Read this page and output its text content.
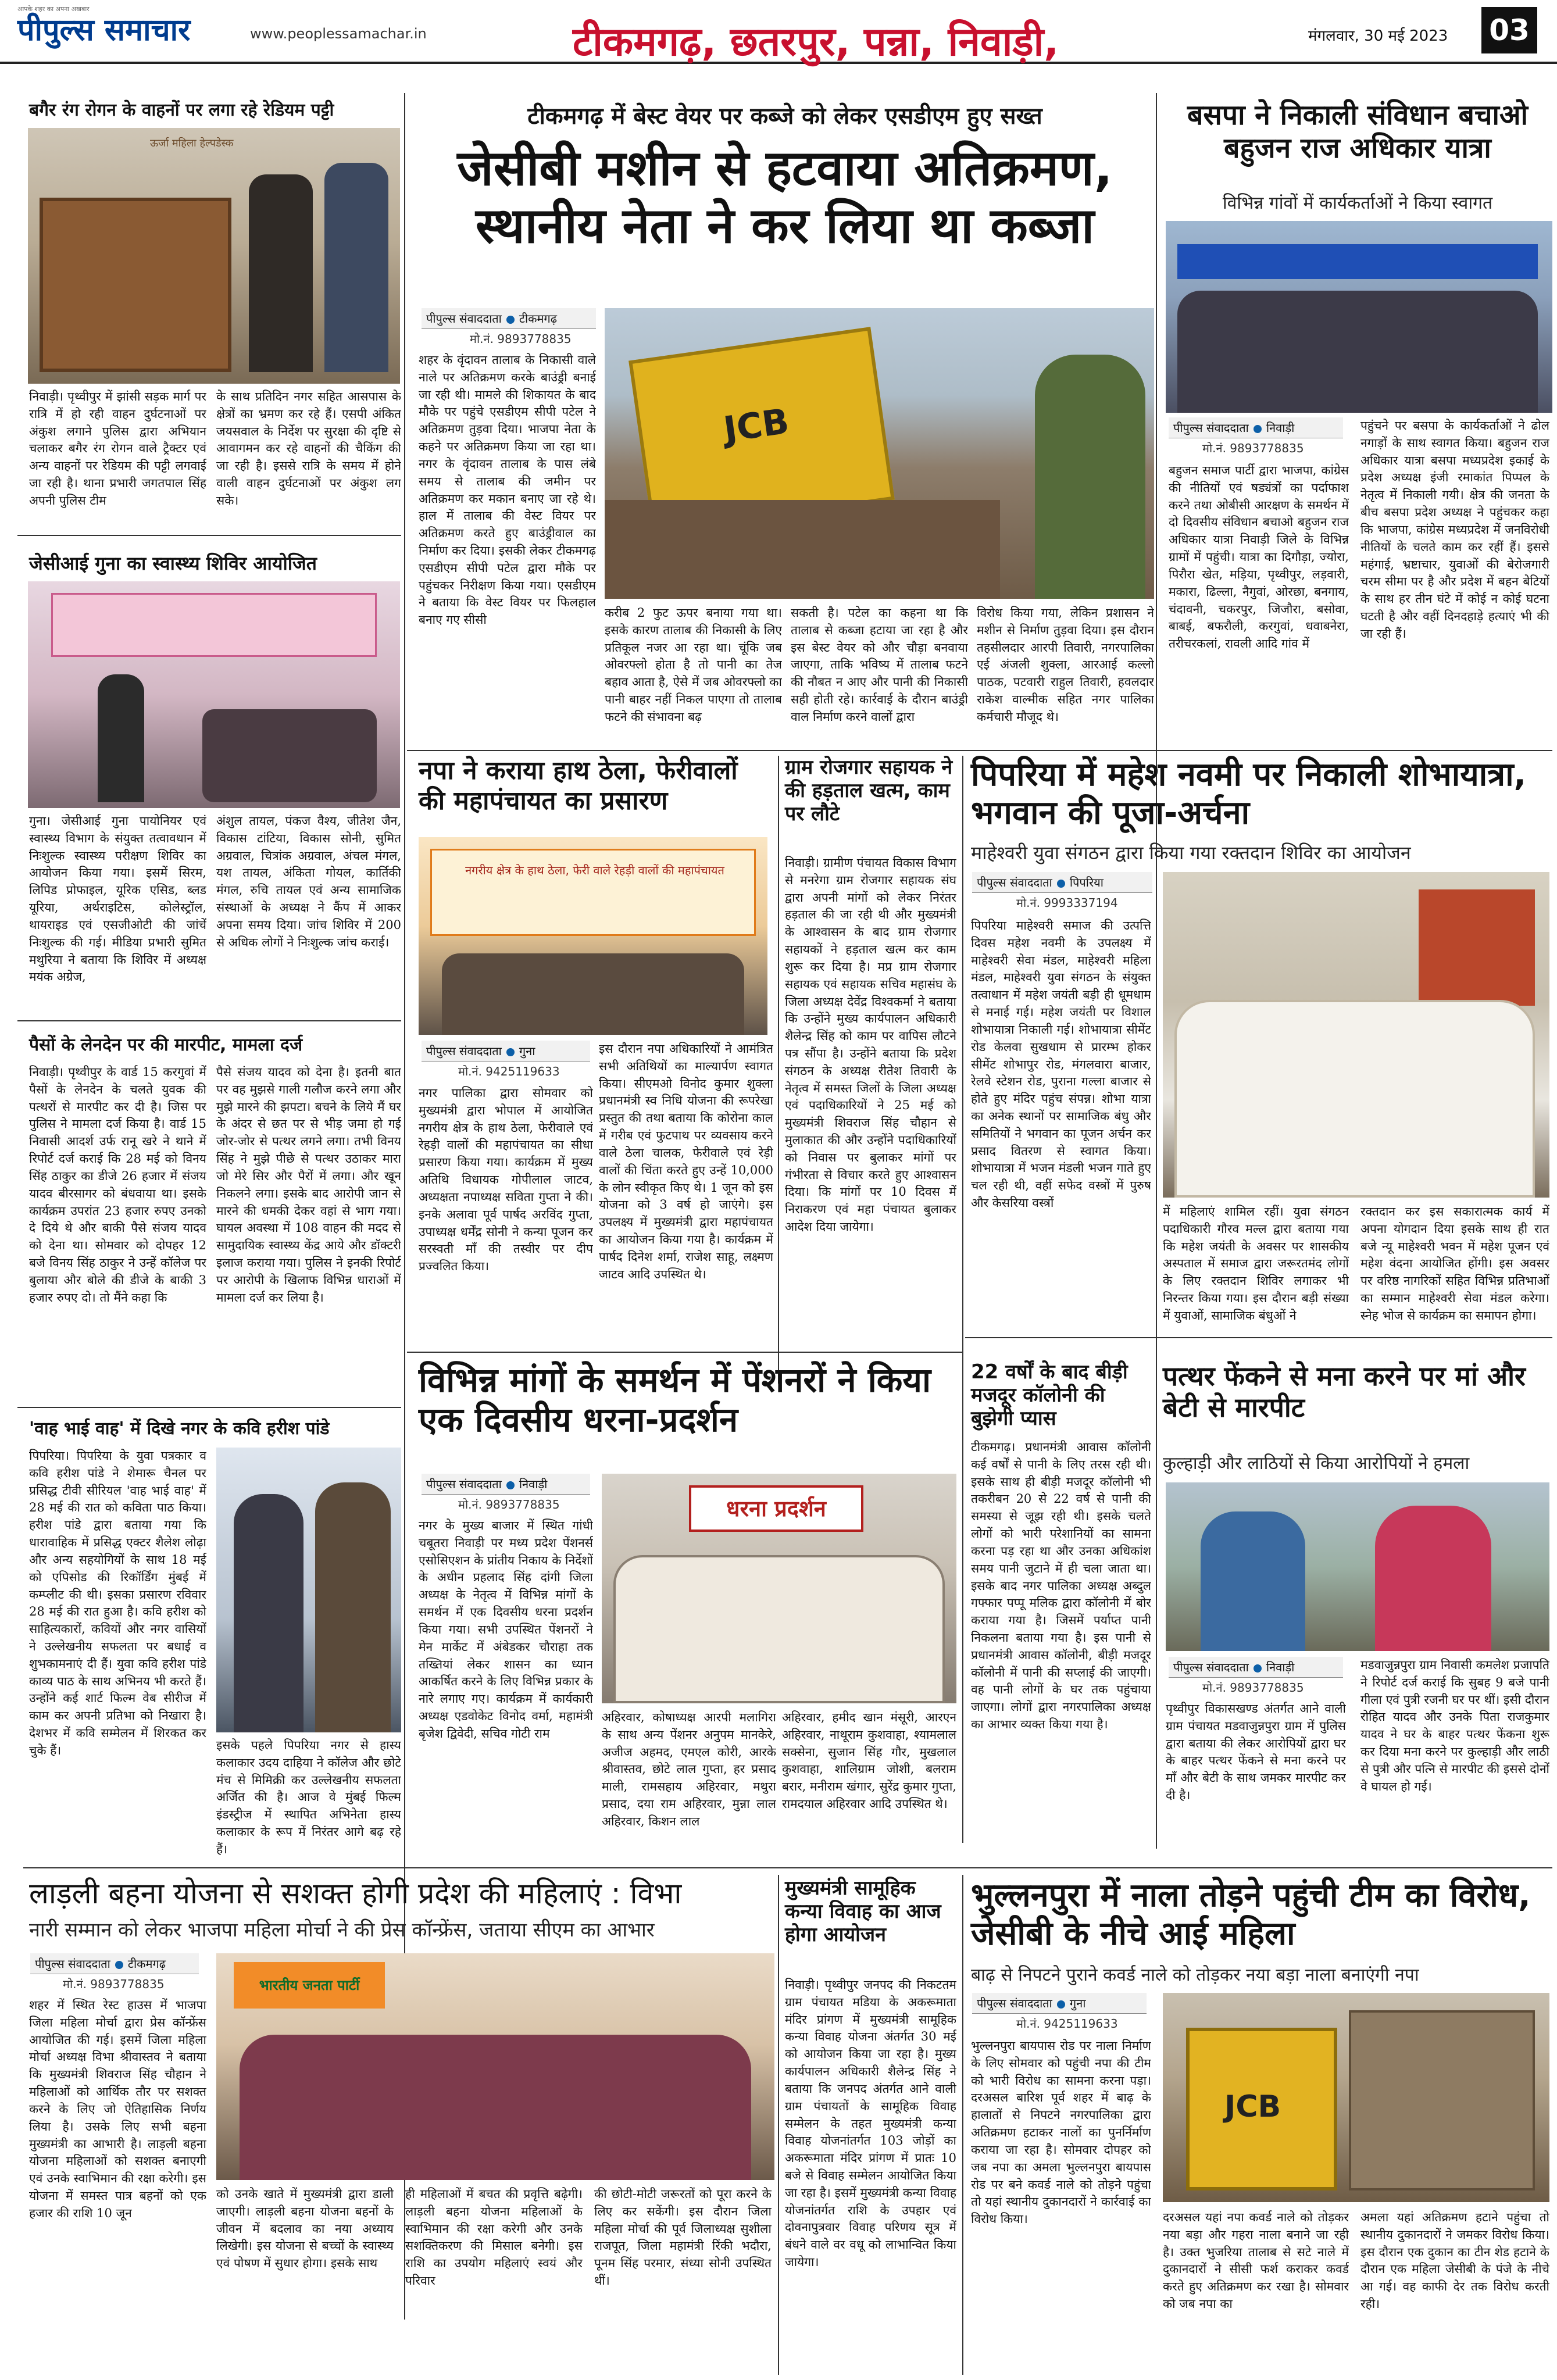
आपके शहर का अपना अखबार
पीपुल्स समाचार	www.peoplessamachar.in	टीकमगढ़, छतरपुर, पन्ना, निवाड़ी,	मंगलवार, 30 मई 2023 03
बगैर रंग रोगन के वाहनों पर लगा रहे रेडियम पट्टी
ऊर्जा महिला हेल्पडेस्क
निवाड़ी। पृथ्वीपुर में झांसी सड़क मार्ग पर रात्रि में हो रही वाहन दुर्घटनाओं पर अंकुश लगाने पुलिस द्वारा अभियान चलाकर बगैर रंग रोगन वाले ट्रैक्टर एवं अन्य वाहनों पर रेडियम की पट्टी लगवाई जा रही है। थाना प्रभारी जगतपाल सिंह अपनी पुलिस टीम
के साथ प्रतिदिन नगर सहित आसपास के क्षेत्रों का भ्रमण कर रहे हैं। एसपी अंकित जयसवाल के निर्देश पर सुरक्षा की दृष्टि से आवागमन कर रहे वाहनों की चैकिंग की जा रही है। इससे रात्रि के समय में होने वाली वाहन दुर्घटनाओं पर अंकुश लग सके।
जेसीआई गुना का स्वास्थ्य शिविर आयोजित
गुना। जेसीआई गुना पायोनियर एवं स्वास्थ्य विभाग के संयुक्त तत्वावधान में निःशुल्क स्वास्थ्य परीक्षण शिविर का आयोजन किया गया। इसमें सिरम, लिपिड प्रोफाइल, यूरिक एसिड, ब्लड यूरिया, अर्थराइटिस, कोलेस्ट्रॉल, थायराइड एवं एसजीओटी की जांचें निःशुल्क की गई। मीडिया प्रभारी सुमित मथुरिया ने बताया कि शिविर में अध्यक्ष मयंक अग्रेज,
अंशुल तायल, पंकज वैश्य, जीतेश जैन, विकास टांटिया, विकास सोनी, सुमित अग्रवाल, चित्रांक अग्रवाल, अंचल मंगल, यश तायल, अंकिता गोयल, कार्तिकी मंगल, रुचि तायल एवं अन्य सामाजिक संस्थाओं के अध्यक्ष ने कैंप में आकर अपना समय दिया। जांच शिविर में 200 से अधिक लोगों ने निःशुल्क जांच कराई।
पैसों के लेनदेन पर की मारपीट, मामला दर्ज
निवाड़ी। पृथ्वीपुर के वार्ड 15 करगुवां में पैसों के लेनदेन के चलते युवक की पत्थरों से मारपीट कर दी है। जिस पर पुलिस ने मामला दर्ज किया है। वार्ड 15 निवासी आदर्श उर्फ रानू खरे ने थाने में रिपोर्ट दर्ज कराई कि 28 मई को विनय सिंह ठाकुर का डीजे 26 हजार में संजय यादव बीरसागर को बंधवाया था। इसके कार्यक्रम उपरांत 23 हजार रुपए उनको दे दिये थे और बाकी पैसे संजय यादव को देना था। सोमवार को दोपहर 12 बजे विनय सिंह ठाकुर ने उन्हें कॉलेज पर बुलाया और बोले की डीजे के बाकी 3 हजार रुपए दो। तो मैंने कहा कि
पैसे संजय यादव को देना है। इतनी बात पर वह मुझसे गाली गलौज करने लगा और मुझे मारने की झपटा। बचने के लिये मैं घर के अंदर से छत पर से भीड़ जमा हो गई जोर-जोर से पत्थर लगने लगा। तभी विनय सिंह ने मुझे पीछे से पत्थर उठाकर मारा जो मेरे सिर और पैरों में लगा। और खून निकलने लगा। इसके बाद आरोपी जान से मारने की धमकी देकर वहां से भाग गया। घायल अवस्था में 108 वाहन की मदद से सामुदायिक स्वास्थ्य केंद्र आये और डॉक्टरी इलाज कराया गया। पुलिस ने इनकी रिपोर्ट पर आरोपी के खिलाफ विभिन्न धाराओं में मामला दर्ज कर लिया है।
'वाह भाई वाह' में दिखे नगर के कवि हरीश पांडे
पिपरिया। पिपरिया के युवा पत्रकार व कवि हरीश पांडे ने शेमारू चैनल पर प्रसिद्ध टीवी सीरियल 'वाह भाई वाह' में 28 मई की रात को कविता पाठ किया। हरीश पांडे द्वारा बताया गया कि धारावाहिक में प्रसिद्ध एक्टर शैलेश लोढ़ा और अन्य सहयोगियों के साथ 18 मई को एपिसोड की रिकॉर्डिंग मुंबई में कम्प्लीट की थी। इसका प्रसारण रविवार 28 मई की रात हुआ है। कवि हरीश को साहित्यकारों, कवियों और नगर वासियों ने उल्लेखनीय सफलता पर बधाई व शुभकामनाएं दी हैं। युवा कवि हरीश पांडे काव्य पाठ के साथ अभिनय भी करते हैं। उन्होंने कई शार्ट फिल्म वेब सीरीज में काम कर अपनी प्रतिभा को निखारा है। देशभर में कवि सम्मेलन में शिरकत कर चुके हैं।	इसके पहले पिपरिया नगर से हास्य कलाकार उदय दाहिया ने कॉलेज और छोटे मंच से मिमिक्री कर उल्लेखनीय सफलता अर्जित की है। आज वे मुंबई फिल्म इंडस्ट्रीज में स्थापित अभिनेता हास्य कलाकार के रूप में निरंतर आगे बढ़ रहे हैं।
टीकमगढ़ में बेस्ट वेयर पर कब्जे को लेकर एसडीएम हुए सख्त
जेसीबी मशीन से हटवाया अतिक्रमण, स्थानीय नेता ने कर लिया था कब्जा
पीपुल्स संवाददाता टीकमगढ़
मो.नं. 9893778835
शहर के वृंदावन तालाब के निकासी वाले नाले पर अतिक्रमण करके बाउंड्री बनाई जा रही थी। मामले की शिकायत के बाद मौके पर पहुंचे एसडीएम सीपी पटेल ने अतिक्रमण तुड़वा दिया। भाजपा नेता के कहने पर अतिक्रमण किया जा रहा था। नगर के वृंदावन तालाब के पास लंबे समय से तालाब की जमीन पर अतिक्रमण कर मकान बनाए जा रहे थे। हाल में तालाब की वेस्ट वियर पर अतिक्रमण करते हुए बाउंड्रीवाल का निर्माण कर दिया। इसकी लेकर टीकमगढ़ एसडीएम सीपी पटेल द्वारा मौके पर पहुंचकर निरीक्षण किया गया। एसडीएम ने बताया कि वेस्ट वियर पर फिलहाल बनाए गए सीसी
JCB
करीब 2 फुट ऊपर बनाया गया था। इसके कारण तालाब की निकासी के लिए प्रतिकूल नजर आ रहा था। चूंकि जब ओवरफ्लो होता है तो पानी का तेज बहाव आता है, ऐसे में जब ओवरफ्लो का पानी बाहर नहीं निकल पाएगा तो तालाब फटने की संभावना बढ़
सकती है। पटेल का कहना था कि तालाब से कब्जा हटाया जा रहा है और इस बेस्ट वेयर को और चौड़ा बनवाया जाएगा, ताकि भविष्य में तालाब फटने की नौबत न आए और पानी की निकासी सही होती रहे। कार्रवाई के दौरान बाउंड्री वाल निर्माण करने वालों द्वारा
विरोध किया गया, लेकिन प्रशासन ने मशीन से निर्माण तुड़वा दिया। इस दौरान तहसीलदार आरपी तिवारी, नगरपालिका एई अंजली शुक्ला, आरआई कल्लो पाठक, पटवारी राहुल तिवारी, हवलदार राकेश वाल्मीक सहित नगर पालिका कर्मचारी मौजूद थे।
बसपा ने निकाली संविधान बचाओ बहुजन राज अधिकार यात्रा
विभिन्न गांवों में कार्यकर्ताओं ने किया स्वागत
पीपुल्स संवाददाता निवाड़ी
मो.नं. 9893778835
बहुजन समाज पार्टी द्वारा भाजपा, कांग्रेस की नीतियों एवं षड्यंत्रों का पर्दाफाश करने तथा ओबीसी आरक्षण के समर्थन में दो दिवसीय संविधान बचाओ बहुजन राज अधिकार यात्रा निवाड़ी जिले के विभिन्न ग्रामों में पहुंची। यात्रा का दिगौड़ा, ज्योरा, पिरौरा खेत, मड़िया, पृथ्वीपुर, लड़वारी, मकारा, ढिल्ला, नैगुवां, ओरछा, बनगाय, चंदावनी, चकरपुर, जिजौरा, बसोवा, बाबई, बफरौली, करगुवां, धवाबनेरा, तरीचरकलां, रावली आदि गांव में
पहुंचने पर बसपा के कार्यकर्ताओं ने ढोल नगाड़ों के साथ स्वागत किया। बहुजन राज अधिकार यात्रा बसपा मध्यप्रदेश इकाई के प्रदेश अध्यक्ष इंजी रमाकांत पिप्पल के नेतृत्व में निकाली गयी। क्षेत्र की जनता के बीच बसपा प्रदेश अध्यक्ष ने पहुंचकर कहा कि भाजपा, कांग्रेस मध्यप्रदेश में जनविरोधी नीतियों के चलते काम कर रहीं हैं। इससे महंगाई, भ्रष्टाचार, युवाओं की बेरोजगारी चरम सीमा पर है और प्रदेश में बहन बेटियों के साथ हर तीन घंटे में कोई न कोई घटना घटती है और वहीं दिनदहाड़े हत्याएं भी की जा रही हैं।
नपा ने कराया हाथ ठेला, फेरीवालों की महापंचायत का प्रसारण
नगरीय क्षेत्र के हाथ ठेला, फेरी वाले रेहड़ी वालों की महापंचायत
पीपुल्स संवाददाता गुना
मो.नं. 9425119633
नगर पालिका द्वारा सोमवार को मुख्यमंत्री द्वारा भोपाल में आयोजित नगरीय क्षेत्र के हाथ ठेला, फेरीवाले एवं रेहड़ी वालों की महापंचायत का सीधा प्रसारण किया गया। कार्यक्रम में मुख्य अतिथि विधायक गोपीलाल जाटव, अध्यक्षता नपाध्यक्ष सविता गुप्ता ने की। इनके अलावा पूर्व पार्षद अरविंद गुप्ता, उपाध्यक्ष धर्मेंद्र सोनी ने कन्या पूजन कर सरस्वती माँ की तस्वीर पर दीप प्रज्वलित किया।
इस दौरान नपा अधिकारियों ने आमंत्रित सभी अतिथियों का माल्यार्पण स्वागत किया। सीएमओ विनोद कुमार शुक्ला प्रधानमंत्री स्व निधि योजना की रूपरेखा प्रस्तुत की तथा बताया कि कोरोना काल में गरीब एवं फुटपाथ पर व्यवसाय करने वाले ठेला चालक, फेरीवाले एवं रेड़ी वालों की चिंता करते हुए उन्हें 10,000 के लोन स्वीकृत किए थे। 1 जून को इस योजना को 3 वर्ष हो जाएंगे। इस उपलक्ष्य में मुख्यमंत्री द्वारा महापंचायत का आयोजन किया गया है। कार्यक्रम में पार्षद दिनेश शर्मा, राजेश साहू, लक्ष्मण जाटव आदि उपस्थित थे।
ग्राम रोजगार सहायक ने की हड़ताल खत्म, काम पर लौटे
निवाड़ी। ग्रामीण पंचायत विकास विभाग से मनरेगा ग्राम रोजगार सहायक संघ द्वारा अपनी मांगों को लेकर निरंतर हड़ताल की जा रही थी और मुख्यमंत्री के आश्वासन के बाद ग्राम रोजगार सहायकों ने हड़ताल खत्म कर काम शुरू कर दिया है। मप्र ग्राम रोजगार सहायक एवं सहायक सचिव महासंघ के जिला अध्यक्ष देवेंद्र विश्वकर्मा ने बताया कि उन्होंने मुख्य कार्यपालन अधिकारी शैलेन्द्र सिंह को काम पर वापिस लौटने पत्र सौंपा है। उन्होंने बताया कि प्रदेश संगठन के अध्यक्ष रीतेश तिवारी के नेतृत्व में समस्त जिलों के जिला अध्यक्ष एवं पदाधिकारियों ने 25 मई को मुख्यमंत्री शिवराज सिंह चौहान से मुलाकात की और उन्होंने पदाधिकारियों को निवास पर बुलाकर मांगों पर गंभीरता से विचार करते हुए आश्वासन दिया। कि मांगों पर 10 दिवस में निराकरण एवं महा पंचायत बुलाकर आदेश दिया जायेगा।
पिपरिया में महेश नवमी पर निकाली शोभायात्रा, भगवान की पूजा-अर्चना
माहेश्वरी युवा संगठन द्वारा किया गया रक्तदान शिविर का आयोजन
पीपुल्स संवाददाता पिपरिया
मो.नं. 9993337194
पिपरिया माहेश्वरी समाज की उत्पत्ति दिवस महेश नवमी के उपलक्ष्य में माहेश्वरी सेवा मंडल, माहेश्वरी महिला मंडल, माहेश्वरी युवा संगठन के संयुक्त तत्वाधान में महेश जयंती बड़ी ही धूमधाम से मनाई गई। महेश जयंती पर विशाल शोभायात्रा निकाली गई। शोभायात्रा सीमेंट रोड केलवा सुखधाम से प्रारम्भ होकर सीमेंट शोभापुर रोड, मंगलवारा बाजार, रेलवे स्टेशन रोड, पुराना गल्ला बाजार से होते हुए मंदिर पहुंच संपन्न। शोभा यात्रा का अनेक स्थानों पर सामाजिक बंधु और समितियों ने भगवान का पूजन अर्चन कर प्रसाद वितरण से स्वागत किया। शोभायात्रा में भजन मंडली भजन गाते हुए चल रही थी, वहीं सफेद वस्त्रों में पुरुष और केसरिया वस्त्रों
में महिलाएं शामिल रहीं। युवा संगठन पदाधिकारी गौरव मल्ल द्वारा बताया गया कि महेश जयंती के अवसर पर शासकीय अस्पताल में समाज द्वारा जरूरतमंद लोगों के लिए रक्तदान शिविर लगाकर भी निरन्तर किया गया। इस दौरान बड़ी संख्या में युवाओं, सामाजिक बंधुओं ने
रक्तदान कर इस सकारात्मक कार्य में अपना योगदान दिया इसके साथ ही रात बजे न्यू माहेश्वरी भवन में महेश पूजन एवं महेश वंदना आयोजित होंगी। इस अवसर पर वरिष्ठ नागरिकों सहित विभिन्न प्रतिभाओं का सम्मान माहेश्वरी सेवा मंडल करेगा। स्नेह भोज से कार्यक्रम का समापन होगा।
विभिन्न मांगों के समर्थन में पेंशनरों ने किया एक दिवसीय धरना-प्रदर्शन
पीपुल्स संवाददाता निवाड़ी
मो.नं. 9893778835
नगर के मुख्य बाजार में स्थित गांधी चबूतरा निवाड़ी पर मध्य प्रदेश पेंशनर्स एसोसिएशन के प्रांतीय निकाय के निर्देशों के अधीन प्रहलाद सिंह दांगी जिला अध्यक्ष के नेतृत्व में विभिन्न मांगों के समर्थन में एक दिवसीय धरना प्रदर्शन किया गया। सभी उपस्थित पेंशनरों ने मेन मार्केट में अंबेडकर चौराहा तक तख्तियां लेकर शासन का ध्यान आकर्षित करने के लिए विभिन्न प्रकार के नारे लगाए गए। कार्यक्रम में कार्यकारी अध्यक्ष एडवोकेट विनोद वर्मा, महामंत्री बृजेश द्विवेदी, सचिव गोटी राम
धरना प्रदर्शन
अहिरवार, कोषाध्यक्ष आरपी मलागिरा के साथ अन्य पेंशनर अनुपम मानकेरे, अजीज अहमद, एमएल कोरी, आरके श्रीवास्तव, छोटे लाल गुप्ता, हर प्रसाद माली, रामसहाय अहिरवार, मथुरा प्रसाद, दया राम अहिरवार, मुन्ना लाल अहिरवार, किशन लाल
अहिरवार, हमीद खान मंसूरी, आरएन अहिरवार, नाथूराम कुशवाहा, श्यामलाल सक्सेना, सुजान सिंह गौर, मुखलाल कुशवाहा, शालिग्राम जोशी, बलराम बरार, मनीराम खंगार, सुरेंद्र कुमार गुप्ता, रामदयाल अहिरवार आदि उपस्थित थे।
22 वर्षों के बाद बीड़ी मजदूर कॉलोनी की बुझेगी प्यास
टीकमगढ़। प्रधानमंत्री आवास कॉलोनी कई वर्षों से पानी के लिए तरस रही थी। इसके साथ ही बीड़ी मजदूर कॉलोनी भी तकरीबन 20 से 22 वर्ष से पानी की समस्या से जूझ रही थी। इसके चलते लोगों को भारी परेशानियों का सामना करना पड़ रहा था और उनका अधिकांश समय पानी जुटाने में ही चला जाता था। इसके बाद नगर पालिका अध्यक्ष अब्दुल गफ्फार पप्पू मलिक द्वारा कॉलोनी में बोर कराया गया है। जिसमें पर्याप्त पानी निकलना बताया गया है। इस पानी से प्रधानमंत्री आवास कॉलोनी, बीड़ी मजदूर कॉलोनी में पानी की सप्लाई की जाएगी। वह पानी लोगों के घर तक पहुंचाया जाएगा। लोगों द्वारा नगरपालिका अध्यक्ष का आभार व्यक्त किया गया है।
पत्थर फेंकने से मना करने पर मां और बेटी से मारपीट
कुल्हाड़ी और लाठियों से किया आरोपियों ने हमला
पीपुल्स संवाददाता निवाड़ी
मो.नं. 9893778835
पृथ्वीपुर विकासखण्ड अंतर्गत आने वाली ग्राम पंचायत मडवाजुन्नपुरा ग्राम में पुलिस द्वारा बताया की लेकर आरोपियों द्वारा घर के बाहर पत्थर फेंकने से मना करने पर माँ और बेटी के साथ जमकर मारपीट कर दी है।
मडवाजुन्नपुरा ग्राम निवासी कमलेश प्रजापति ने रिपोर्ट दर्ज कराई कि सुबह 9 बजे पानी गीला एवं पुत्री रजनी घर पर थीं। इसी दौरान रोहित यादव और उनके पिता राजकुमार यादव ने घर के बाहर पत्थर फेंकना शुरू कर दिया मना करने पर कुल्हाड़ी और लाठी से पुत्री और पत्नि से मारपीट की इससे दोनों वे घायल हो गई।
लाड़ली बहना योजना से सशक्त होगी प्रदेश की महिलाएं : विभा
नारी सम्मान को लेकर भाजपा महिला मोर्चा ने की प्रेस कॉन्फ्रेंस, जताया सीएम का आभार
पीपुल्स संवाददाता टीकमगढ़
मो.नं. 9893778835
शहर में स्थित रेस्ट हाउस में भाजपा जिला महिला मोर्चा द्वारा प्रेस कॉन्फ्रेंस आयोजित की गई। इसमें जिला महिला मोर्चा अध्यक्ष विभा श्रीवास्तव ने बताया कि मुख्यमंत्री शिवराज सिंह चौहान ने महिलाओं को आर्थिक तौर पर सशक्त करने के लिए जो ऐतिहासिक निर्णय लिया है। उसके लिए सभी बहना मुख्यमंत्री का आभारी है। लाड़ली बहना योजना महिलाओं को सशक्त बनाएगी एवं उनके स्वाभिमान की रक्षा करेगी। इस योजना में समस्त पात्र बहनों को एक हजार की राशि 10 जून
भारतीय जनता पार्टी
को उनके खाते में मुख्यमंत्री द्वारा डाली जाएगी। लाड़ली बहना योजना बहनों के जीवन में बदलाव का नया अध्याय लिखेगी। इस योजना से बच्चों के स्वास्थ्य एवं पोषण में सुधार होगा। इसके साथ
ही महिलाओं में बचत की प्रवृत्ति बढ़ेगी। लाड़ली बहना योजना महिलाओं के स्वाभिमान की रक्षा करेगी और उनके सशक्तिकरण की मिसाल बनेगी। इस राशि का उपयोग महिलाएं स्वयं और परिवार
की छोटी-मोटी जरूरतों को पूरा करने के लिए कर सकेंगी। इस दौरान जिला महिला मोर्चा की पूर्व जिलाध्यक्ष सुशीला राजपूत, जिला महामंत्री रिंकी भदौरा, पूनम सिंह परमार, संध्या सोनी उपस्थित थीं।
मुख्यमंत्री सामूहिक कन्या विवाह का आज होगा आयोजन
निवाड़ी। पृथ्वीपुर जनपद की निकटतम ग्राम पंचायत मडिया के अकरूमाता मंदिर प्रांगण में मुख्यमंत्री सामूहिक कन्या विवाह योजना अंतर्गत 30 मई को आयोजन किया जा रहा है। मुख्य कार्यपालन अधिकारी शैलेन्द्र सिंह ने बताया कि जनपद अंतर्गत आने वाली ग्राम पंचायतों के सामूहिक विवाह सम्मेलन के तहत मुख्यमंत्री कन्या विवाह योजनांतर्गत 103 जोड़ों का अकरूमाता मंदिर प्रांगण में प्रातः 10 बजे से विवाह सम्मेलन आयोजित किया जा रहा है। इसमें मुख्यमंत्री कन्या विवाह योजनांतर्गत राशि के उपहार एवं दोवनापुत्रवार विवाह परिणय सूत्र में बंधने वाले वर वधू को लाभान्वित किया जायेगा।
भुल्लनपुरा में नाला तोड़ने पहुंची टीम का विरोध, जेसीबी के नीचे आई महिला
बाढ़ से निपटने पुराने कवर्ड नाले को तोड़कर नया बड़ा नाला बनाएंगी नपा
पीपुल्स संवाददाता गुना
मो.नं. 9425119633
भुल्लनपुरा बायपास रोड पर नाला निर्माण के लिए सोमवार को पहुंची नपा की टीम को भारी विरोध का सामना करना पड़ा। दरअसल बारिश पूर्व शहर में बाढ़ के हालातों से निपटने नगरपालिका द्वारा अतिक्रमण हटाकर नालों का पुनर्निर्माण कराया जा रहा है। सोमवार दोपहर को जब नपा का अमला भुल्लनपुरा बायपास रोड पर बने कवर्ड नाले को तोड़ने पहुंचा तो यहां स्थानीय दुकानदारों ने कार्रवाई का विरोध किया।
JCB
दरअसल यहां नपा कवर्ड नाले को तोड़कर नया बड़ा और गहरा नाला बनाने जा रही है। उक्त भुजरिया तालाब से सटे नाले में दुकानदारों ने सीसी फर्श कराकर कवर्ड करते हुए अतिक्रमण कर रखा है। सोमवार को जब नपा का
अमला यहां अतिक्रमण हटाने पहुंचा तो स्थानीय दुकानदारों ने जमकर विरोध किया। इस दौरान एक दुकान का टीन शेड हटाने के दौरान एक महिला जेसीबी के पंजे के नीचे आ गई। वह काफी देर तक विरोध करती रही।
